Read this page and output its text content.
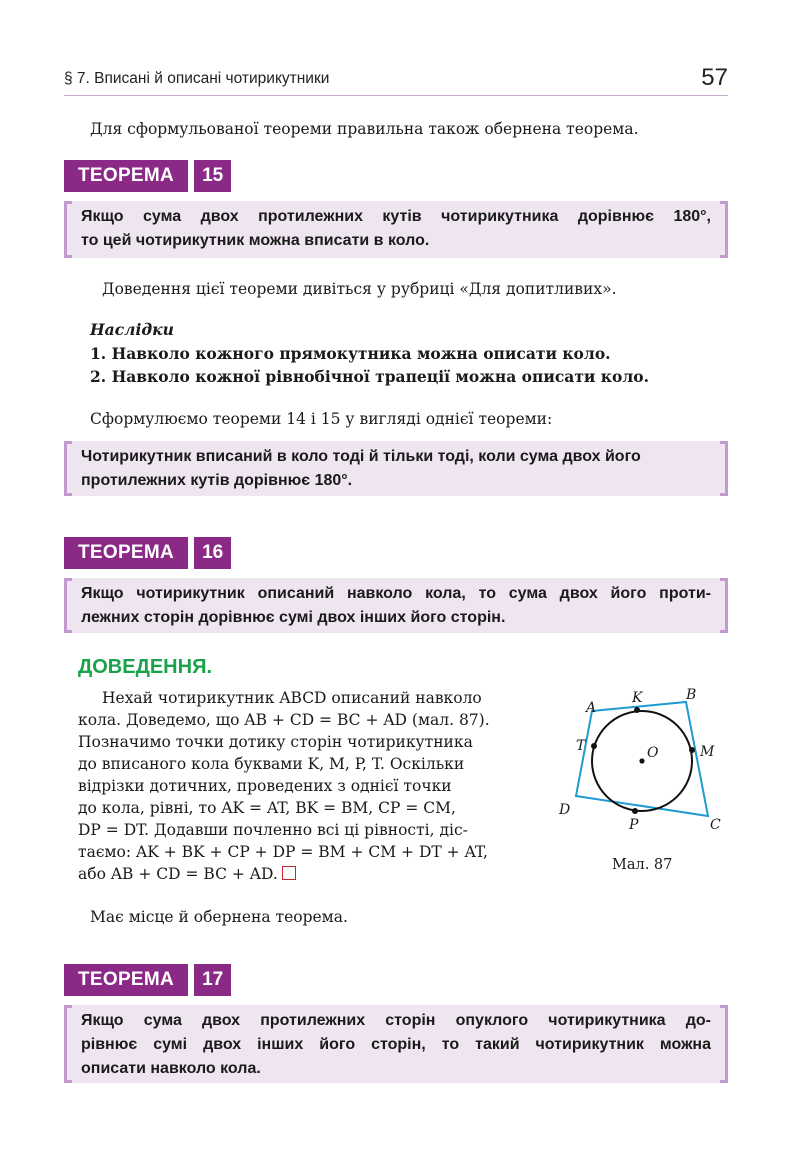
§ 7. Вписані й описані чотирикутники	57
Для сформульованої теореми правильна також обернена теорема.
ТЕОРЕМА	15
Якщо сума двох протилежних кутів чотирикутника дорівнює 180°,
то цей чотирикутник можна вписати в коло.
Доведення цієї теореми дивіться у рубриці «Для допитливих».
Наслідки
1. Навколо кожного прямокутника можна описати коло.
2. Навколо кожної рівнобічної трапеції можна описати коло.
Сформулюємо теореми 14 і 15 у вигляді однієї теореми:
Чотирикутник вписаний в коло тоді й тільки тоді, коли сума двох його
протилежних кутів дорівнює 180°.
ТЕОРЕМА	16
Якщо чотирикутник описаний навколо кола, то сума двох його проти-
лежних сторін дорівнює сумі двох інших його сторін.
ДОВЕДЕННЯ.
Нехай чотирикутник ABCD описаний навколо
кола. Доведемо, що AB + CD = BC + AD (мал. 87).
Позначимо точки дотику сторін чотирикутника
до вписаного кола буквами K, M, P, T. Оскільки
відрізки дотичних, проведених з однієї точки
до кола, рівні, то AK = AT, BK = BM, CP = CM,
DP = DT. Додавши почленно всі ці рівності, діс-
таємо: AK + BK + CP + DP = BM + CM + DT + AT,
або AB + CD = BC + AD.
A
B
C
D
K
M
P
T	O
Мал. 87
Має місце й обернена теорема.
ТЕОРЕМА	17
Якщо сума двох протилежних сторін опуклого чотирикутника до-
рівнює сумі двох інших його сторін, то такий чотирикутник можна
описати навколо кола.
